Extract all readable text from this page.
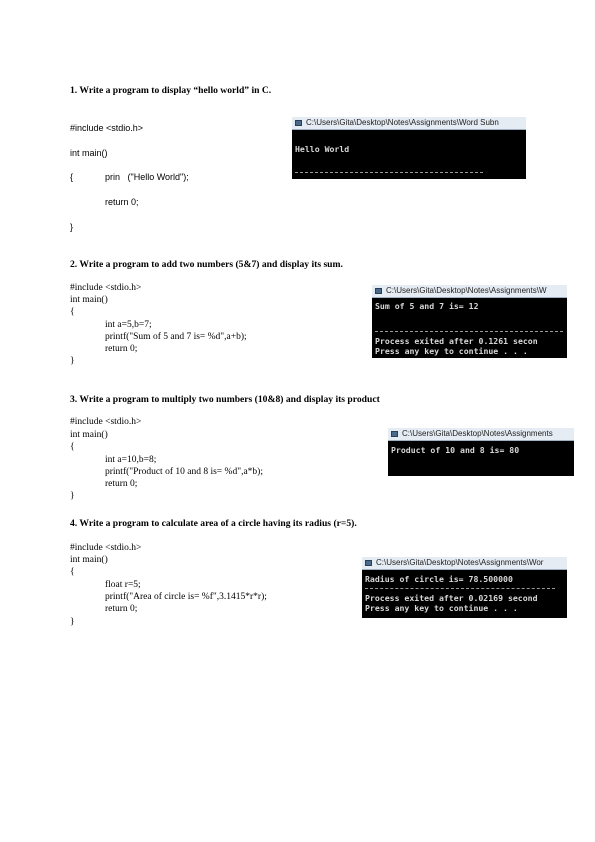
1. Write a program to display “hello world” in C.
#include <stdio.h>
int main()
{	prin   ("Hello World");
return 0;
}
C:\Users\Gita\Desktop\Notes\Assignments\Word Subn
Hello World
2. Write a program to add two numbers (5&7) and display its sum.
#include <stdio.h>
int main()
{
int a=5,b=7;
printf("Sum of 5 and 7 is= %d",a+b);
return 0;
}
C:\Users\Gita\Desktop\Notes\Assignments\W
Sum of 5 and 7 is= 12
Process exited after 0.1261 secon
Press any key to continue . . .
3. Write a program to multiply two numbers (10&8) and display its product
#include <stdio.h>
int main()
{
int a=10,b=8;
printf("Product of 10 and 8 is= %d",a*b);
return 0;
}
C:\Users\Gita\Desktop\Notes\Assignments
Product of 10 and 8 is= 80
4. Write a program to calculate area of a circle having its radius (r=5).
#include <stdio.h>
int main()
{
float r=5;
printf("Area of circle is= %f",3.1415*r*r);
return 0;
}
C:\Users\Gita\Desktop\Notes\Assignments\Wor
Radius of circle is= 78.500000
Process exited after 0.02169 second
Press any key to continue . . .
